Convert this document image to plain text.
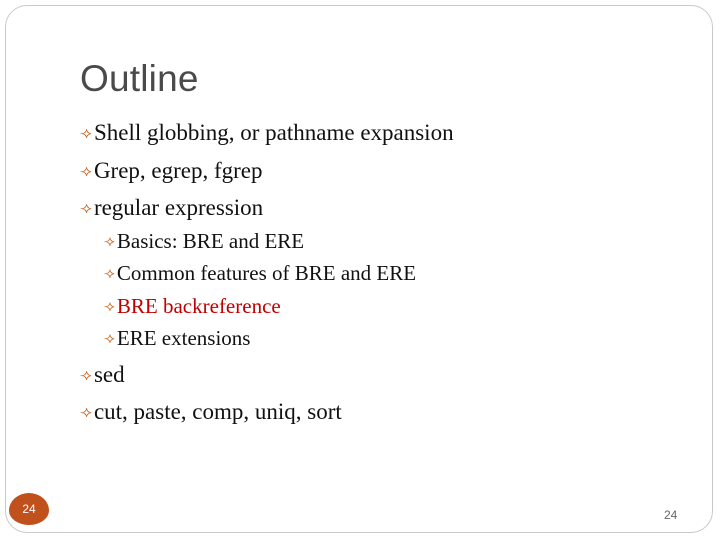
Outline
⟢Shell globbing, or pathname expansion
⟢Grep, egrep, fgrep
⟢regular expression
⟢Basics: BRE and ERE
⟢Common features of BRE and ERE
⟢BRE backreference
⟢ERE extensions
⟢sed
⟢cut, paste, comp, uniq, sort
24	24
